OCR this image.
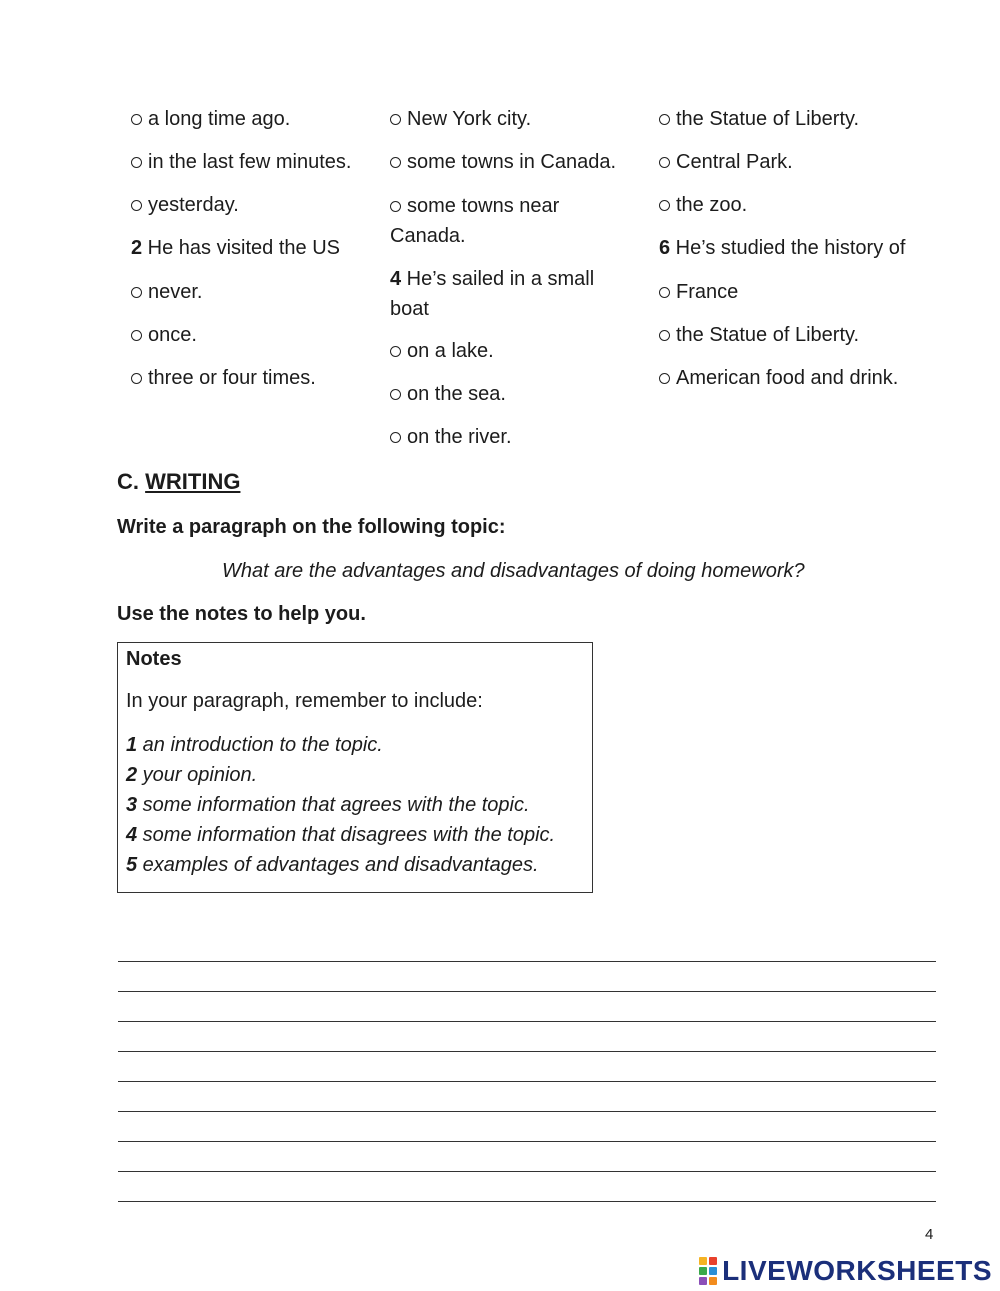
a long time ago.
in the last few minutes.
yesterday.
2 He has visited the US
never.
once.
three or four times.
New York city.
some towns in Canada.
some towns near
Canada.
4 He’s sailed in a small
boat
on a lake.
on the sea.
on the river.
the Statue of Liberty.
Central Park.
the zoo.
6 He’s studied the history of
France
the Statue of Liberty.
American food and drink.
C. WRITING
Write a paragraph on the following topic:
What are the advantages and disadvantages of doing homework?
Use the notes to help you.
Notes
In your paragraph, remember to include:
1 an introduction to the topic.
2 your opinion.
3 some information that agrees with the topic.
4 some information that disagrees with the topic.
5 examples of advantages and disadvantages.
4
LIVEWORKSHEETS
